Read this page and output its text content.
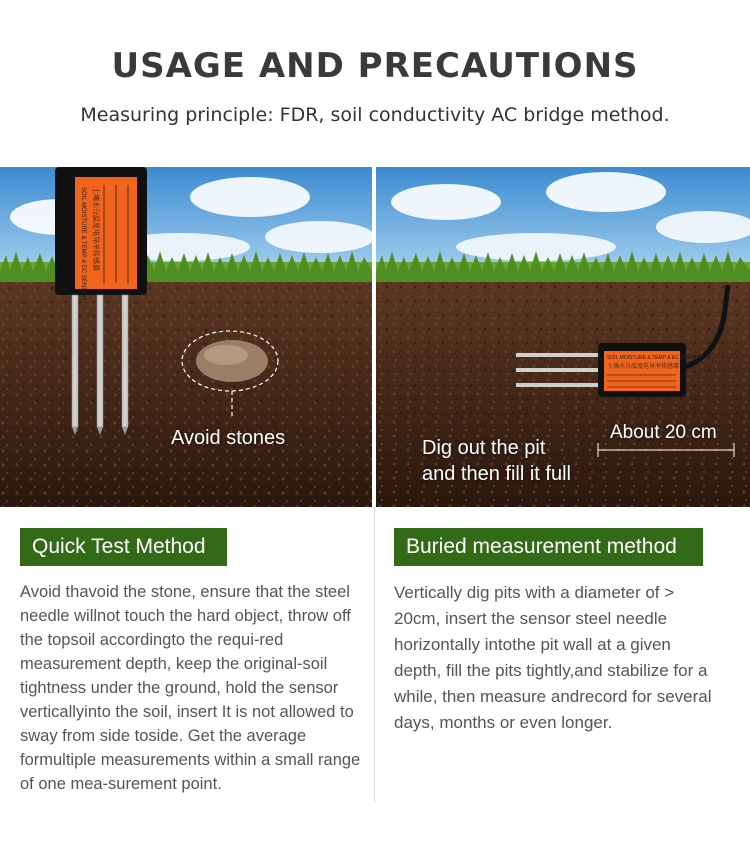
USAGE AND PRECAUTIONS

Measuring principle: FDR, soil conductivity AC bridge method.

SOIL MOISTURE & TEMP & EC SENSOR 土壤水分温度电导率传感器
Avoid stones
SOIL MOISTURE & TEMP & EC SENSOR
土壤水分温度电导率传感器
About 20 cm
Dig out the pit
and then fill it full
Quick Test Method	Buried measurement method

Avoid thavoid the stone, ensure that the steel needle willnot touch the hard object, throw off the topsoil accordingto the requi-red measurement depth, keep the original-soil tightness under the ground, hold the sensor verticallyinto the soil, insert It is not allowed to sway from side toside. Get the average formultiple measurements within a small range of one mea-surement point.

Vertically dig pits with a diameter of > 20cm, insert the sensor steel needle horizontally intothe pit wall at a given depth, fill the pits tightly,and stabilize for a while, then measure andrecord for several days, months or even longer.
